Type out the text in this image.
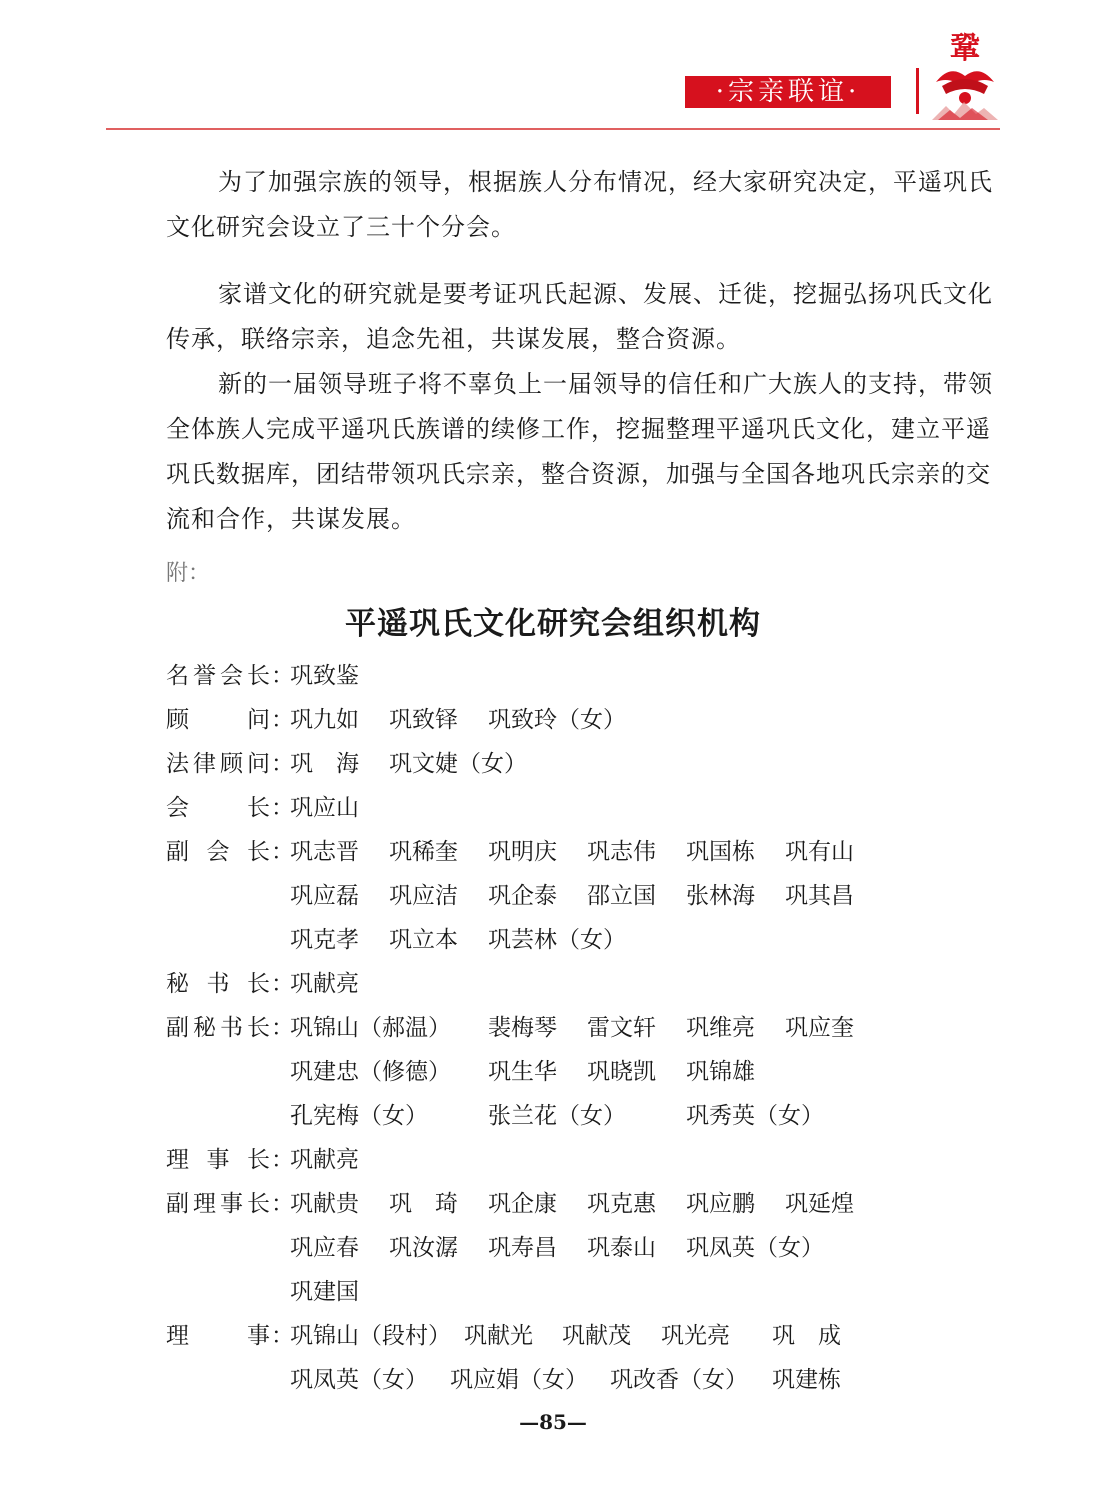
·宗亲联谊·
鞏

为了加强宗族的领导，根据族人分布情况，经大家研究决定，平遥巩氏文化研究会设立了三十个分会。

家谱文化的研究就是要考证巩氏起源、发展、迁徙，挖掘弘扬巩氏文化传承，联络宗亲，追念先祖，共谋发展，整合资源。

新的一届领导班子将不辜负上一届领导的信任和广大族人的支持，带领全体族人完成平遥巩氏族谱的续修工作，挖掘整理平遥巩氏文化，建立平遥巩氏数据库，团结带领巩氏宗亲，整合资源，加强与全国各地巩氏宗亲的交流和合作，共谋发展。

附：
平遥巩氏文化研究会组织机构
名誉会长 ：
巩致鉴
顾问 ：
巩九如 巩致铎 巩致玲（女）
法律顾问 ：
巩　海 巩文婕（女）
会长 ：
巩应山
副会长 ：
巩志晋 巩稀奎 巩明庆 巩志伟 巩国栋 巩有山
巩应磊 巩应洁 巩企泰 邵立国 张林海 巩其昌
巩克孝 巩立本 巩芸林（女）
秘书长 ：
巩献亮
副秘书长 ：
巩锦山（郝温） 裴梅琴 雷文轩 巩维亮 巩应奎
巩建忠（修德） 巩生华 巩晓凯 巩锦雄
孔宪梅（女）	张兰花（女）	巩秀英（女）
理事长 ：
巩献亮
副理事长 ：
巩献贵 巩　琦 巩企康 巩克惠 巩应鹏 巩延煌
巩应春 巩汝潺 巩寿昌 巩泰山 巩凤英（女）
巩建国
理事 ：
巩锦山（段村） 巩献光 巩献茂 巩光亮 巩　成
巩凤英（女） 巩应娟（女） 巩改香（女） 巩建栋
—85—
